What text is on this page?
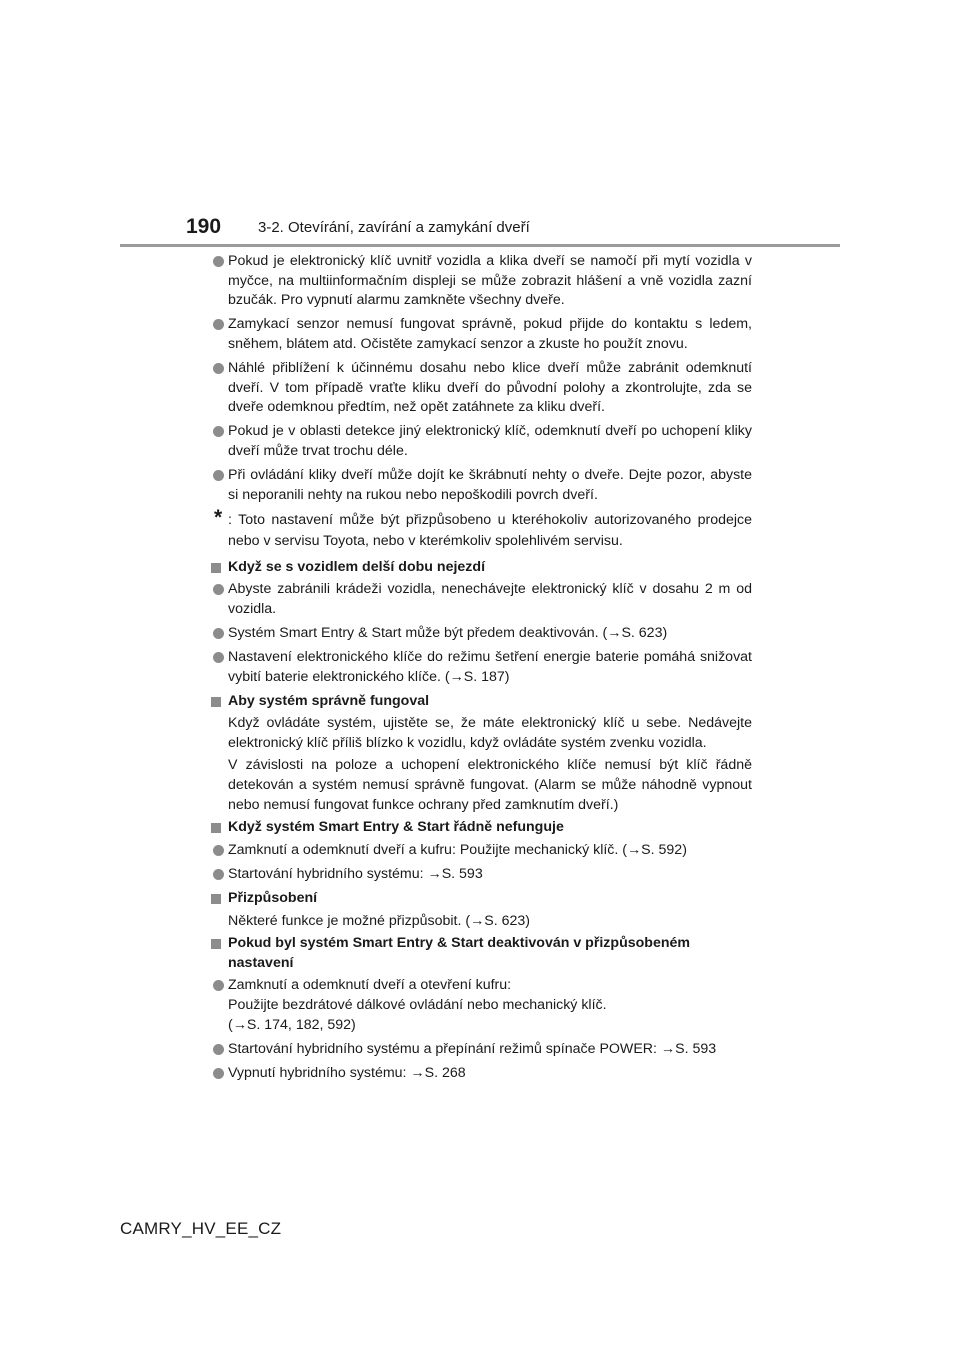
190 3-2. Otevírání, zavírání a zamykání dveří
Pokud je elektronický klíč uvnitř vozidla a klika dveří se namočí při mytí vozidla v myčce, na multiinformačním displeji se může zobrazit hlášení a vně vozidla zazní bzučák. Pro vypnutí alarmu zamkněte všechny dveře.
Zamykací senzor nemusí fungovat správně, pokud přijde do kontaktu s ledem, sněhem, blátem atd. Očistěte zamykací senzor a zkuste ho použít znovu.
Náhlé přiblížení k účinnému dosahu nebo klice dveří může zabránit odemknutí dveří. V tom případě vraťte kliku dveří do původní polohy a zkontrolujte, zda se dveře odemknou předtím, než opět zatáhnete za kliku dveří.
Pokud je v oblasti detekce jiný elektronický klíč, odemknutí dveří po uchopení kliky dveří může trvat trochu déle.
Při ovládání kliky dveří může dojít ke škrábnutí nehty o dveře. Dejte pozor, abyste si neporanili nehty na rukou nebo nepoškodili povrch dveří.
* : Toto nastavení může být přizpůsobeno u kteréhokoliv autorizovaného prodejce nebo v servisu Toyota, nebo v kterémkoliv spolehlivém servisu.
Když se s vozidlem delší dobu nejezdí
Abyste zabránili krádeži vozidla, nenechávejte elektronický klíč v dosahu 2 m od vozidla.
Systém Smart Entry & Start může být předem deaktivován. (→S. 623)
Nastavení elektronického klíče do režimu šetření energie baterie pomáhá snižovat vybití baterie elektronického klíče. (→S. 187)
Aby systém správně fungoval
Když ovládáte systém, ujistěte se, že máte elektronický klíč u sebe. Nedávejte elektronický klíč příliš blízko k vozidlu, když ovládáte systém zvenku vozidla.
V závislosti na poloze a uchopení elektronického klíče nemusí být klíč řádně detekován a systém nemusí správně fungovat. (Alarm se může náhodně vypnout nebo nemusí fungovat funkce ochrany před zamknutím dveří.)
Když systém Smart Entry & Start řádně nefunguje
Zamknutí a odemknutí dveří a kufru: Použijte mechanický klíč. (→S. 592)
Startování hybridního systému: →S. 593
Přizpůsobení
Některé funkce je možné přizpůsobit. (→S. 623)
Pokud byl systém Smart Entry & Start deaktivován v přizpůsobeném nastavení
Zamknutí a odemknutí dveří a otevření kufru:
Použijte bezdrátové dálkové ovládání nebo mechanický klíč.
(→S. 174, 182, 592)
Startování hybridního systému a přepínání režimů spínače POWER: →S. 593
Vypnutí hybridního systému: →S. 268
CAMRY_HV_EE_CZ
